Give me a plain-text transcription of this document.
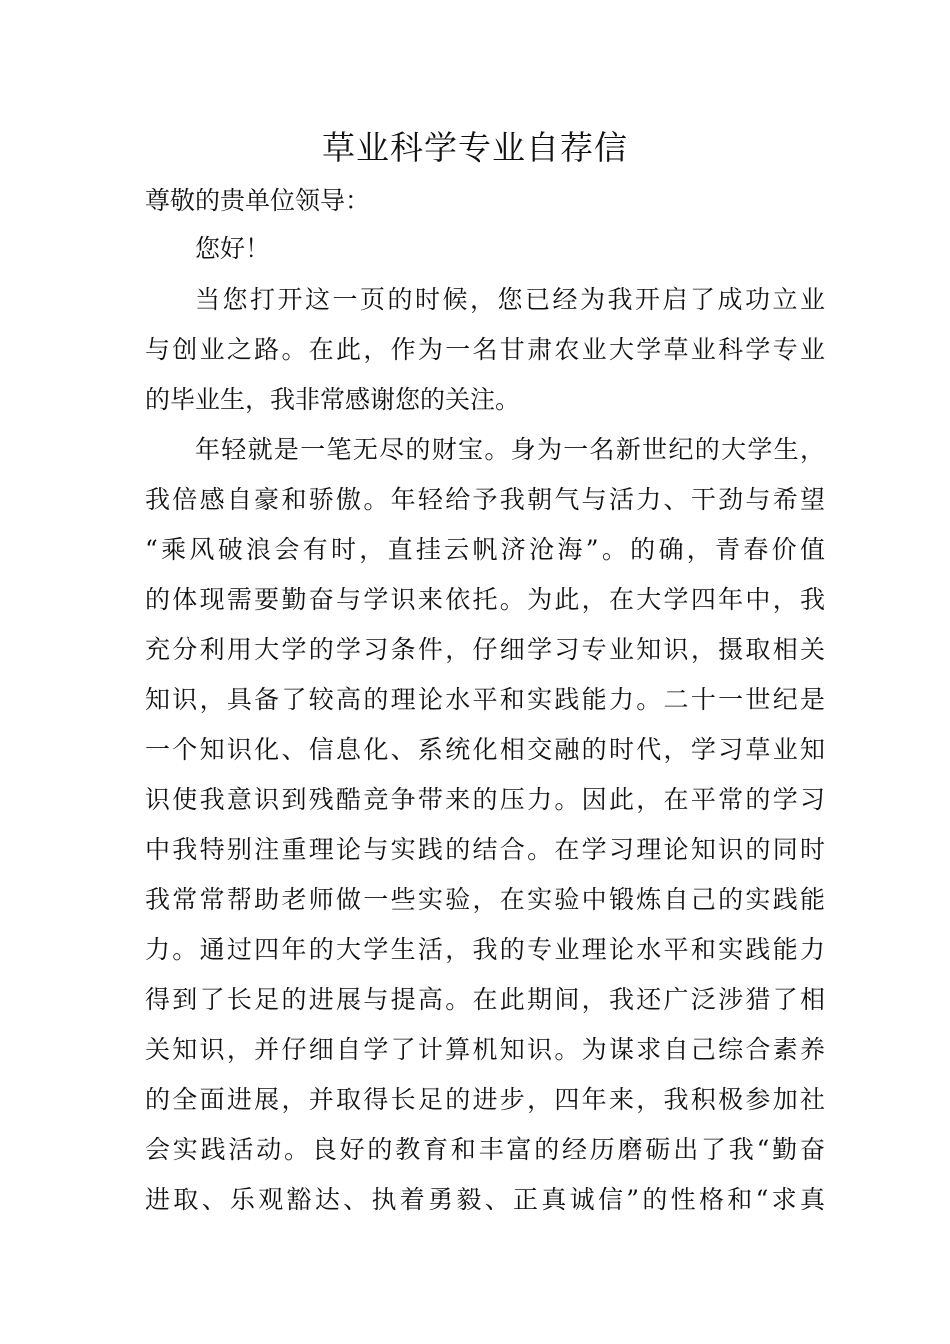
草业科学专业自荐信

尊敬的贵单位领导：

您好！

当您打开这一页的时候，您已经为我开启了成功立业

与创业之路。在此，作为一名甘肃农业大学草业科学专业

的毕业生，我非常感谢您的关注。

年轻就是一笔无尽的财宝。身为一名新世纪的大学生，

我倍感自豪和骄傲。年轻给予我朝气与活力、干劲与希望

“乘风破浪会有时，直挂云帆济沧海”。的确，青春价值

的体现需要勤奋与学识来依托。为此，在大学四年中，我

充分利用大学的学习条件，仔细学习专业知识，摄取相关

知识，具备了较高的理论水平和实践能力。二十一世纪是

一个知识化、信息化、系统化相交融的时代，学习草业知

识使我意识到残酷竞争带来的压力。因此，在平常的学习

中我特别注重理论与实践的结合。在学习理论知识的同时

我常常帮助老师做一些实验，在实验中锻炼自己的实践能

力。通过四年的大学生活，我的专业理论水平和实践能力

得到了长足的进展与提高。在此期间，我还广泛涉猎了相

关知识，并仔细自学了计算机知识。为谋求自己综合素养

的全面进展，并取得长足的进步，四年来，我积极参加社

会实践活动。良好的教育和丰富的经历磨砺出了我“勤奋

进取、乐观豁达、执着勇毅、正真诚信”的性格和“求真
